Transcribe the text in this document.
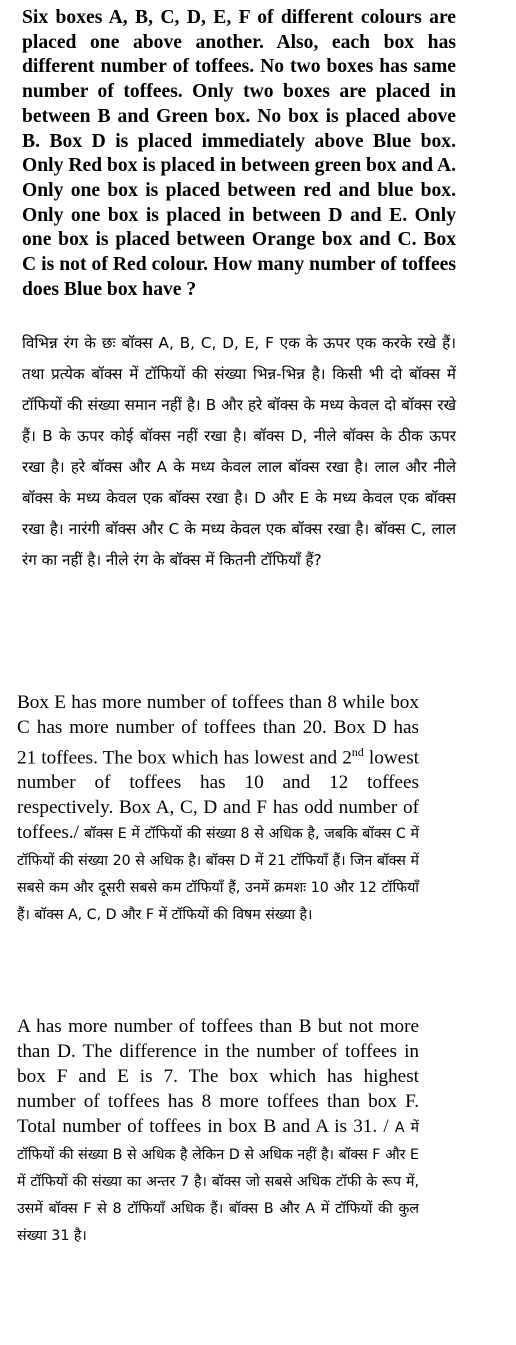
Six boxes A, B, C, D, E, F of different colours are placed one above another. Also, each box has different number of toffees. No two boxes has same number of toffees. Only two boxes are placed in between B and Green box. No box is placed above B. Box D is placed immediately above Blue box. Only Red box is placed in between green box and A. Only one box is placed between red and blue box. Only one box is placed in between D and E. Only one box is placed between Orange box and C. Box C is not of Red colour. How many number of toffees does Blue box have ?
विभिन्न रंग के छः बॉक्स A, B, C, D, E, F एक के ऊपर एक करके रखे हैं। तथा प्रत्येक बॉक्स में टॉफियों की संख्या भिन्न-भिन्न है। किसी भी दो बॉक्स में टॉफियों की संख्या समान नहीं है। B और हरे बॉक्स के मध्य केवल दो बॉक्स रखे हैं। B के ऊपर कोई बॉक्स नहीं रखा है। बॉक्स D, नीले बॉक्स के ठीक ऊपर रखा है। हरे बॉक्स और A के मध्य केवल लाल बॉक्स रखा है। लाल और नीले बॉक्स के मध्य केवल एक बॉक्स रखा है। D और E के मध्य केवल एक बॉक्स रखा है। नारंगी बॉक्स और C के मध्य केवल एक बॉक्स रखा है। बॉक्स C, लाल रंग का नहीं है। नीले रंग के बॉक्स में कितनी टॉफियाँ हैं?
Box E has more number of toffees than 8 while box C has more number of toffees than 20. Box D has 21 toffees. The box which has lowest and 2nd lowest number of toffees has 10 and 12 toffees respectively. Box A, C, D and F has odd number of toffees./ बॉक्स E में टॉफियों की संख्या 8 से अधिक है, जबकि बॉक्स C में टॉफियों की संख्या 20 से अधिक है। बॉक्स D में 21 टॉफियाँ हैं। जिन बॉक्स में सबसे कम और दूसरी सबसे कम टॉफियाँ हैं, उनमें क्रमशः 10 और 12 टॉफियाँ हैं। बॉक्स A, C, D और F में टॉफियों की विषम संख्या है।
A has more number of toffees than B but not more than D. The difference in the number of toffees in box F and E is 7. The box which has highest number of toffees has 8 more toffees than box F. Total number of toffees in box B and A is 31. / A में टॉफियों की संख्या B से अधिक है लेकिन D से अधिक नहीं है। बॉक्स F और E में टॉफियों की संख्या का अन्तर 7 है। बॉक्स जो सबसे अधिक टॉफी के रूप में, उसमें बॉक्स F से 8 टॉफियाँ अधिक हैं। बॉक्स B और A में टॉफियों की कुल संख्या 31 है।
